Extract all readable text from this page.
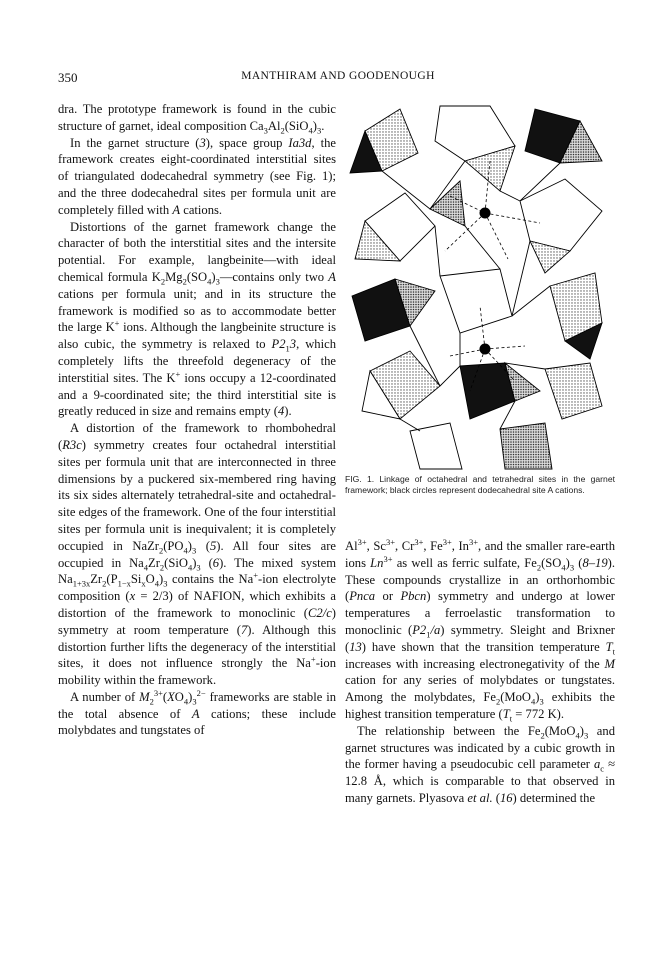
350	MANTHIRAM AND GOODENOUGH

dra. The prototype framework is found in the cubic structure of garnet, ideal composition $Ca_3Al_2(SiO_4)_3$.

In the garnet structure (3), space group Ia3d, the framework creates eight-coordinated interstitial sites of triangulated dodecahedral symmetry (see Fig. 1); and the three dodecahedral sites per formula unit are completely filled with A cations.

Distortions of the garnet framework change the character of both the interstitial sites and the intersite potential. For example, langbeinite—with ideal chemical formula $K_2Mg_2(SO_4)_3—contains$ only two A cations per formula unit; and in its structure the framework is modified so as to accommodate better the large K+ ions. Although the langbeinite structure is also cubic, the symmetry is relaxed to $P2_13$, which completely lifts the threefold degeneracy of the interstitial sites. The K+ ions occupy a 12-coordinated and a 9-coordinated site; the third interstitial site is greatly reduced in size and remains empty (4).

A distortion of the framework to rhombohedral (R3c) symmetry creates four octahedral interstitial sites per formula unit that are interconnected in three dimensions by a puckered six-membered ring having its six sides alternately tetrahedral-site and octahedral-site edges of the framework. One of the four interstitial sites per formula unit is inequivalent; it is completely occupied in $NaZr_2(PO_4)_3$ (5). All four sites are occupied in $Na_4Zr_2(SiO_4)_3$ (6). The mixed system $Na_{1+3x}Zr_2(P_{1-x}Si_xO_4)_3$ contains the Na+-ion electrolyte composition (x = 2/3) of NAFION, which exhibits a distortion of the framework to monoclinic (C2/c) symmetry at room temperature (7). Although this distortion further lifts the degeneracy of the interstitial sites, it does not influence strongly the Na+-ion mobility within the framework.

A number of $M_2^{3+}(XO_4)_3^{2-}$ frameworks are stable in the total absence of A cations; these include molybdates and tungstates of

FIG. 1. Linkage of octahedral and tetrahedral sites in the garnet framework; black circles represent dodecahedral site A cations.

$Al^{3+}$, $Sc^{3+}$, $Cr^{3+}$, $Fe^{3+}$, $In^{3+}$, and the smaller rare-earth ions $Ln^{3+}$ as well as ferric sulfate, $Fe_2(SO_4)_3$ (8–19). These compounds crystallize in an orthorhombic (Pnca or Pbcn) symmetry and undergo at lower temperatures a ferroelastic transformation to monoclinic $(P2_1/a)$ symmetry. Sleight and Brixner (13) have shown that the transition temperature $T_t$ increases with increasing electronegativity of the M cation for any series of molybdates or tungstates. Among the molybdates, $Fe_2(MoO_4)_3$ exhibits the highest transition temperature ($T_t = 772$ K).

The relationship between the $Fe_2(MoO_4)_3$ and garnet structures was indicated by a cubic growth in the former having a pseudocubic cell parameter $a_c \approx 12.8$ Å, which is comparable to that observed in many garnets. Plyasova et al. (16) determined the
